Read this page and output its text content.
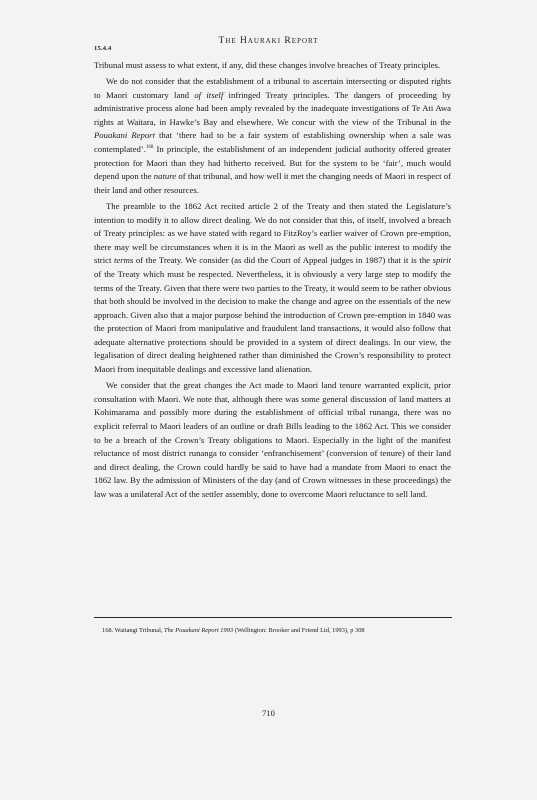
The Hauraki Report
15.4.4

Tribunal must assess to what extent, if any, did these changes involve breaches of Treaty principles.

We do not consider that the establishment of a tribunal to ascertain intersecting or disputed rights to Maori customary land of itself infringed Treaty principles. The dangers of proceeding by administrative process alone had been amply revealed by the inadequate investigations of Te Ati Awa rights at Waitara, in Hawke’s Bay and elsewhere. We concur with the view of the Tribunal in the Pouakani Report that ‘there had to be a fair system of establishing ownership when a sale was contemplated’.$^{168}$ In principle, the establishment of an independent judicial authority offered greater protection for Maori than they had hitherto received. But for the system to be ‘fair’, much would depend upon the nature of that tribunal, and how well it met the changing needs of Maori in respect of their land and other resources.

The preamble to the 1862 Act recited article 2 of the Treaty and then stated the Legislature’s intention to modify it to allow direct dealing. We do not consider that this, of itself, involved a breach of Treaty principles: as we have stated with regard to FitzRoy’s earlier waiver of Crown pre-emption, there may well be circumstances when it is in the Maori as well as the public interest to modify the strict terms of the Treaty. We consider (as did the Court of Appeal judges in 1987) that it is the spirit of the Treaty which must be respected. Nevertheless, it is obviously a very large step to modify the terms of the Treaty. Given that there were two parties to the Treaty, it would seem to be rather obvious that both should be involved in the decision to make the change and agree on the essentials of the new approach. Given also that a major purpose behind the introduction of Crown pre-emption in 1840 was the protection of Maori from manipulative and fraudulent land transactions, it would also follow that adequate alternative protections should be provided in a system of direct dealings. In our view, the legalisation of direct dealing heightened rather than diminished the Crown’s responsibility to protect Maori from inequitable dealings and excessive land alienation.

We consider that the great changes the Act made to Maori land tenure warranted explicit, prior consultation with Maori. We note that, although there was some general discussion of land matters at Kohimarama and possibly more during the establishment of official tribal runanga, there was no explicit referral to Maori leaders of an outline or draft Bills leading to the 1862 Act. This we consider to be a breach of the Crown’s Treaty obligations to Maori. Especially in the light of the manifest reluctance of most district runanga to consider ‘enfranchisement’ (conversion of tenure) of their land and direct dealing, the Crown could hardly be said to have had a mandate from Maori to enact the 1862 law. By the admission of Ministers of the day (and of Crown witnesses in these proceedings) the law was a unilateral Act of the settler assembly, done to overcome Maori reluctance to sell land.

168. Waitangi Tribunal, The Pouakani Report 1993 (Wellington: Brooker and Friend Ltd, 1993), p 308
710
